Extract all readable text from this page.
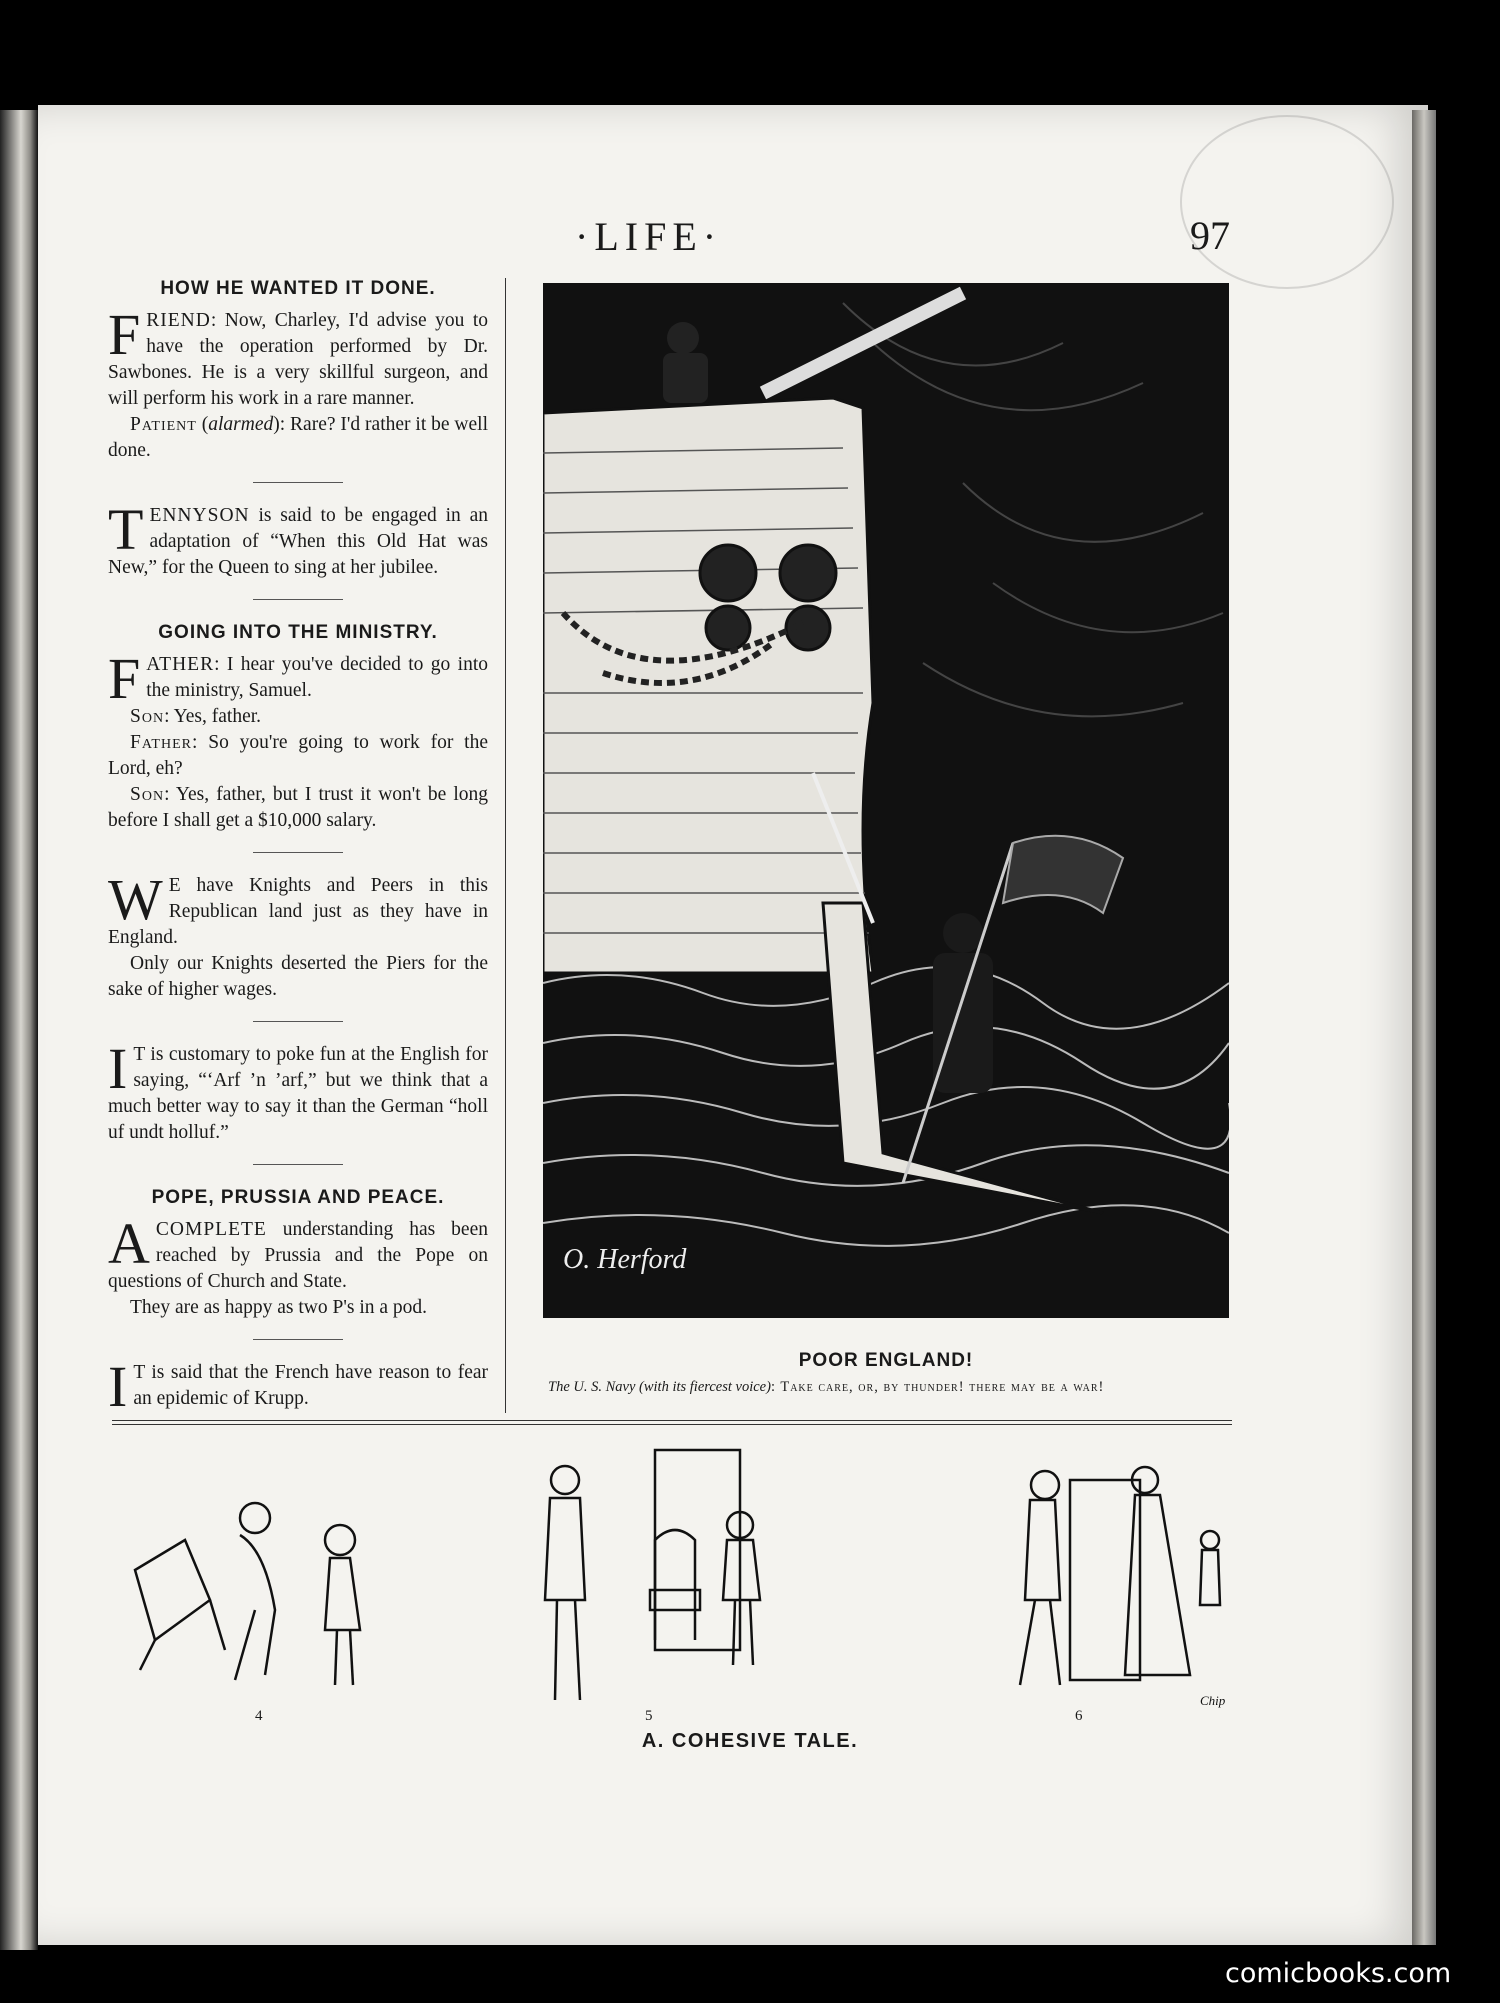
·LIFE·	97

HOW HE WANTED IT DONE.

FRIEND: Now, Charley, I'd advise you to have the operation performed by Dr. Sawbones. He is a very skillful surgeon, and will perform his work in a rare manner.

Patient (alarmed): Rare? I'd rather it be well done.

TENNYSON is said to be engaged in an adaptation of “When this Old Hat was New,” for the Queen to sing at her jubilee.

GOING INTO THE MINISTRY.

FATHER: I hear you've decided to go into the ministry, Samuel.

Son: Yes, father.

Father: So you're going to work for the Lord, eh?

Son: Yes, father, but I trust it won't be long before I shall get a $10,000 salary.

W E have Knights and Peers in this Republican land just as they have in England.

Only our Knights deserted the Piers for the sake of higher wages.

I T is customary to poke fun at the English for saying, “‘Arf ’n ’arf,” but we think that a much better way to say it than the German “holl uf undt holluf.”

POPE, PRUSSIA AND PEACE.

ACOMPLETE understanding has been reached by Prussia and the Pope on questions of Church and State.

They are as happy as two P's in a pod.

I T is said that the French have reason to fear an epidemic of Krupp.

O. Herford
POOR ENGLAND!
The U. S. Navy (with its fiercest voice): Take care, or, by thunder! there may be a war!
Chip
4	5	6
A. COHESIVE TALE.
comicbooks.com
